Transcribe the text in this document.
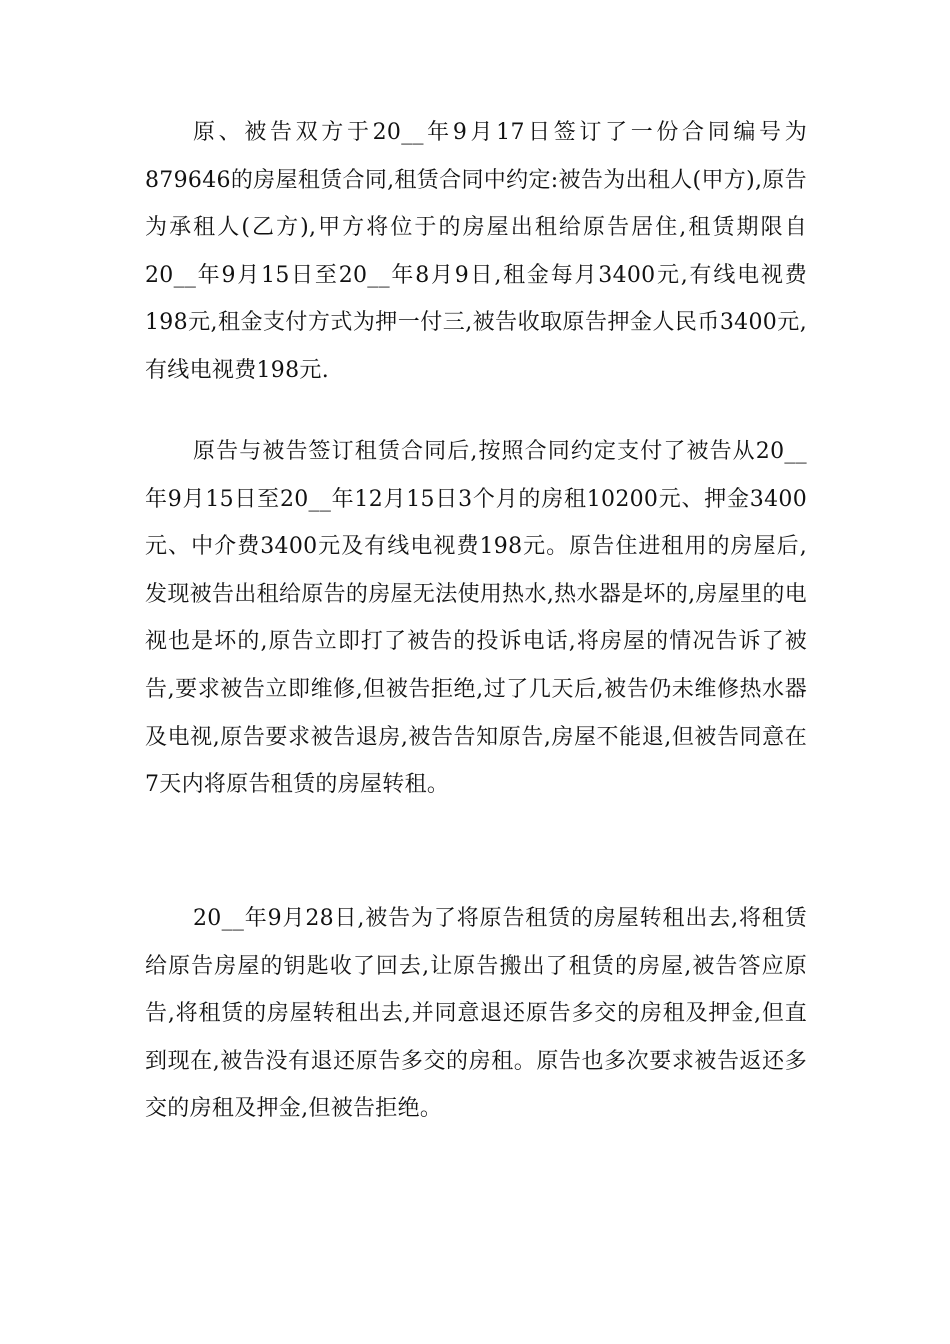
原、被告双方于20__年9月17日签订了一份合同编号为879646的房屋租赁合同,租赁合同中约定:被告为出租人(甲方),原告为承租人(乙方),甲方将位于的房屋出租给原告居住,租赁期限自20__年9月15日至20__年8月9日,租金每月3400元,有线电视费198元,租金支付方式为押一付三,被告收取原告押金人民币3400元,有线电视费198元.

原告与被告签订租赁合同后,按照合同约定支付了被告从20__年9月15日至20__年12月15日3个月的房租10200元、押金3400元、中介费3400元及有线电视费198元。原告住进租用的房屋后,发现被告出租给原告的房屋无法使用热水,热水器是坏的,房屋里的电视也是坏的,原告立即打了被告的投诉电话,将房屋的情况告诉了被告,要求被告立即维修,但被告拒绝,过了几天后,被告仍未维修热水器及电视,原告要求被告退房,被告告知原告,房屋不能退,但被告同意在7天内将原告租赁的房屋转租。

20__年9月28日,被告为了将原告租赁的房屋转租出去,将租赁给原告房屋的钥匙收了回去,让原告搬出了租赁的房屋,被告答应原告,将租赁的房屋转租出去,并同意退还原告多交的房租及押金,但直到现在,被告没有退还原告多交的房租。原告也多次要求被告返还多交的房租及押金,但被告拒绝。
